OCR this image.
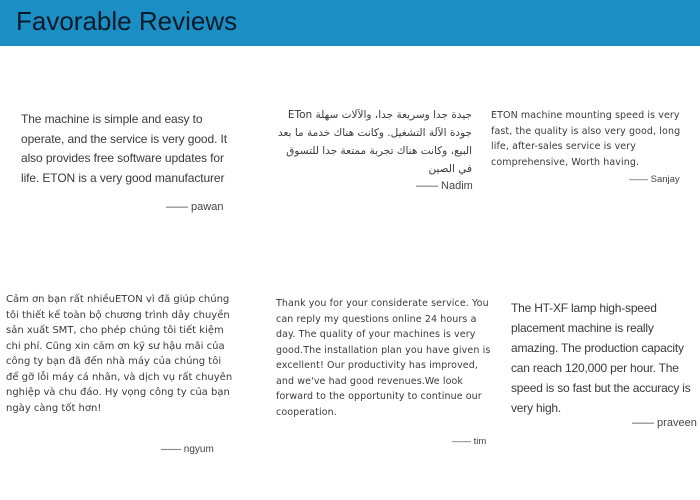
Favorable Reviews

The machine is simple and easy to operate, and the service is very good. It also provides free software updates for life. ETON is a very good manufacturer

—— pawan

جيدة جدا وسريعة جدا، والآلات سهلة ETon جودة الآلة التشغيل. وكانت هناك خدمة ما بعد البيع، وكانت هناك تجربة ممتعة جدا للتسوق في الصين

—— Nadim

ETON machine mounting speed is very fast, the quality is also very good, long life, after-sales service is very comprehensive, Worth having.

—— Sanjay

Cảm ơn bạn rất nhiềuETON vì đã giúp chúng tôi thiết kế toàn bộ chương trình dây chuyền sản xuất SMT, cho phép chúng tôi tiết kiệm chi phí. Cũng xin cảm ơn kỹ sư hậu mãi của công ty bạn đã đến nhà máy của chúng tôi để gỡ lỗi máy cá nhân, và dịch vụ rất chuyên nghiệp và chu đáo. Hy vọng công ty của bạn ngày càng tốt hơn!

—— ngyum

Thank you for your considerate service. You can reply my questions online 24 hours a day. The quality of your machines is very good.The installation plan you have given is excellent! Our productivity has improved, and we've had good revenues.We look forward to the opportunity to continue our cooperation.

—— tim

The HT-XF lamp high-speed placement machine is really amazing. The production capacity can reach 120,000 per hour. The speed is so fast but the accuracy is very high.

—— praveen
